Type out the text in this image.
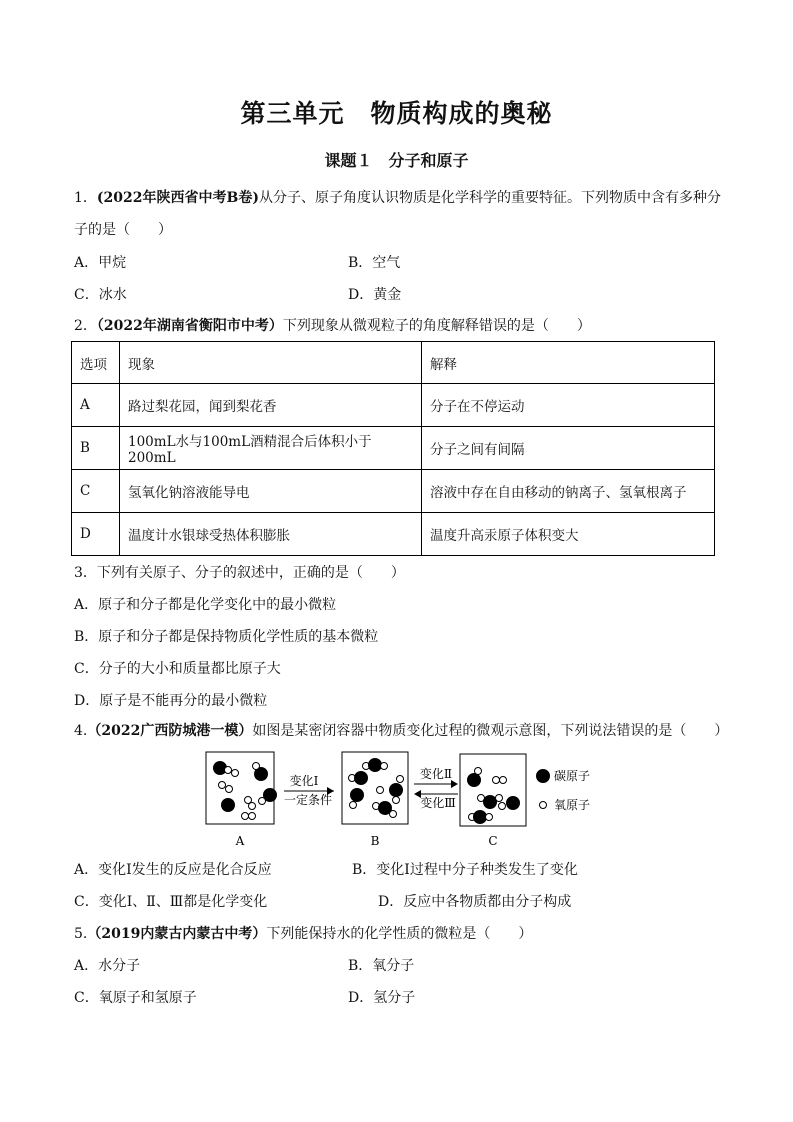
第三单元　物质构成的奥秘
课题１　分子和原子
1．(2022年陕西省中考B卷)从分子、原子角度认识物质是化学科学的重要特征。下列物质中含有多种分
子的是（　　）
A．甲烷	B．空气
C．冰水	D．黄金
2．（2022年湖南省衡阳市中考）下列现象从微观粒子的角度解释错误的是（　　）
选项	现象	解释
A	路过梨花园，闻到梨花香	分子在不停运动
B	100mL水与100mL酒精混合后体积小于200mL	分子之间有间隔
C	氢氧化钠溶液能导电	溶液中存在自由移动的钠离子、氢氧根离子
D	温度计水银球受热体积膨胀	温度升高汞原子体积变大
3．下列有关原子、分子的叙述中，正确的是（　　）
A．原子和分子都是化学变化中的最小微粒
B．原子和分子都是保持物质化学性质的基本微粒
C．分子的大小和质量都比原子大
D．原子是不能再分的最小微粒
4.（2022广西防城港一模）如图是某密闭容器中物质变化过程的微观示意图，下列说法错误的是（　　）
变化Ⅰ
一定条件
变化Ⅱ
变化Ⅲ
碳原子
氧原子
A	B	C
A．变化Ⅰ发生的反应是化合反应	B．变化Ⅰ过程中分子种类发生了变化
C．变化Ⅰ、Ⅱ、Ⅲ都是化学变化	D．反应中各物质都由分子构成
5.（2019内蒙古内蒙古中考）下列能保持水的化学性质的微粒是（　　）
A．水分子	B．氧分子
C．氧原子和氢原子	D．氢分子
